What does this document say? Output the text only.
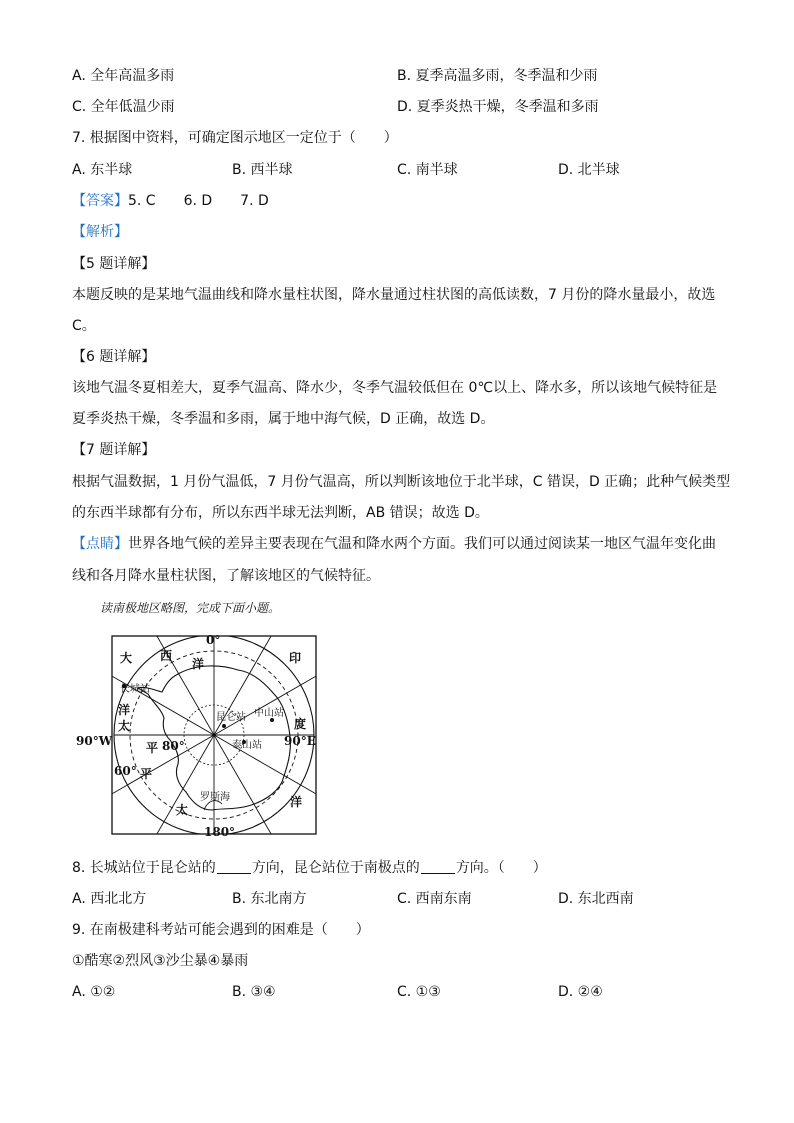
A. 全年高温多雨	B. 夏季高温多雨，冬季温和少雨
C. 全年低温少雨	D. 夏季炎热干燥，冬季温和多雨
7. 根据图中资料，可确定图示地区一定位于（　　）
A. 东半球	B. 西半球	C. 南半球	D. 北半球
【答案】5. C　　6. D　　7. D
【解析】
【5 题详解】
本题反映的是某地气温曲线和降水量柱状图，降水量通过柱状图的高低读数，7 月份的降水量最小，故选
C。
【6 题详解】
该地气温冬夏相差大，夏季气温高、降水少，冬季气温较低但在 0℃以上、降水多，所以该地气候特征是
夏季炎热干燥，冬季温和多雨，属于地中海气候，D 正确，故选 D。
【7 题详解】
根据气温数据，1 月份气温低，7 月份气温高，所以判断该地位于北半球，C 错误，D 正确；此种气候类型
的东西半球都有分布，所以东西半球无法判断，AB 错误；故选 D。
【点睛】世界各地气候的差异主要表现在气温和降水两个方面。我们可以通过阅读某一地区气温年变化曲
线和各月降水量柱状图，了解该地区的气候特征。
读南极地区略图，完成下面小题。
0°
180°
80°
60°
大 西
洋	印
度
洋
太
平
洋
太
平
长城站
昆仑站 中山站
泰山站
罗斯海
90°W	90°E
8. 长城站位于昆仑站的	方向，昆仑站位于南极点的	方向。（　　）
A. 西北北方	B. 东北南方	C. 西南东南	D. 东北西南
9. 在南极建科考站可能会遇到的困难是（　　）
①酷寒②烈风③沙尘暴④暴雨
A. ①②	B. ③④	C. ①③	D. ②④
